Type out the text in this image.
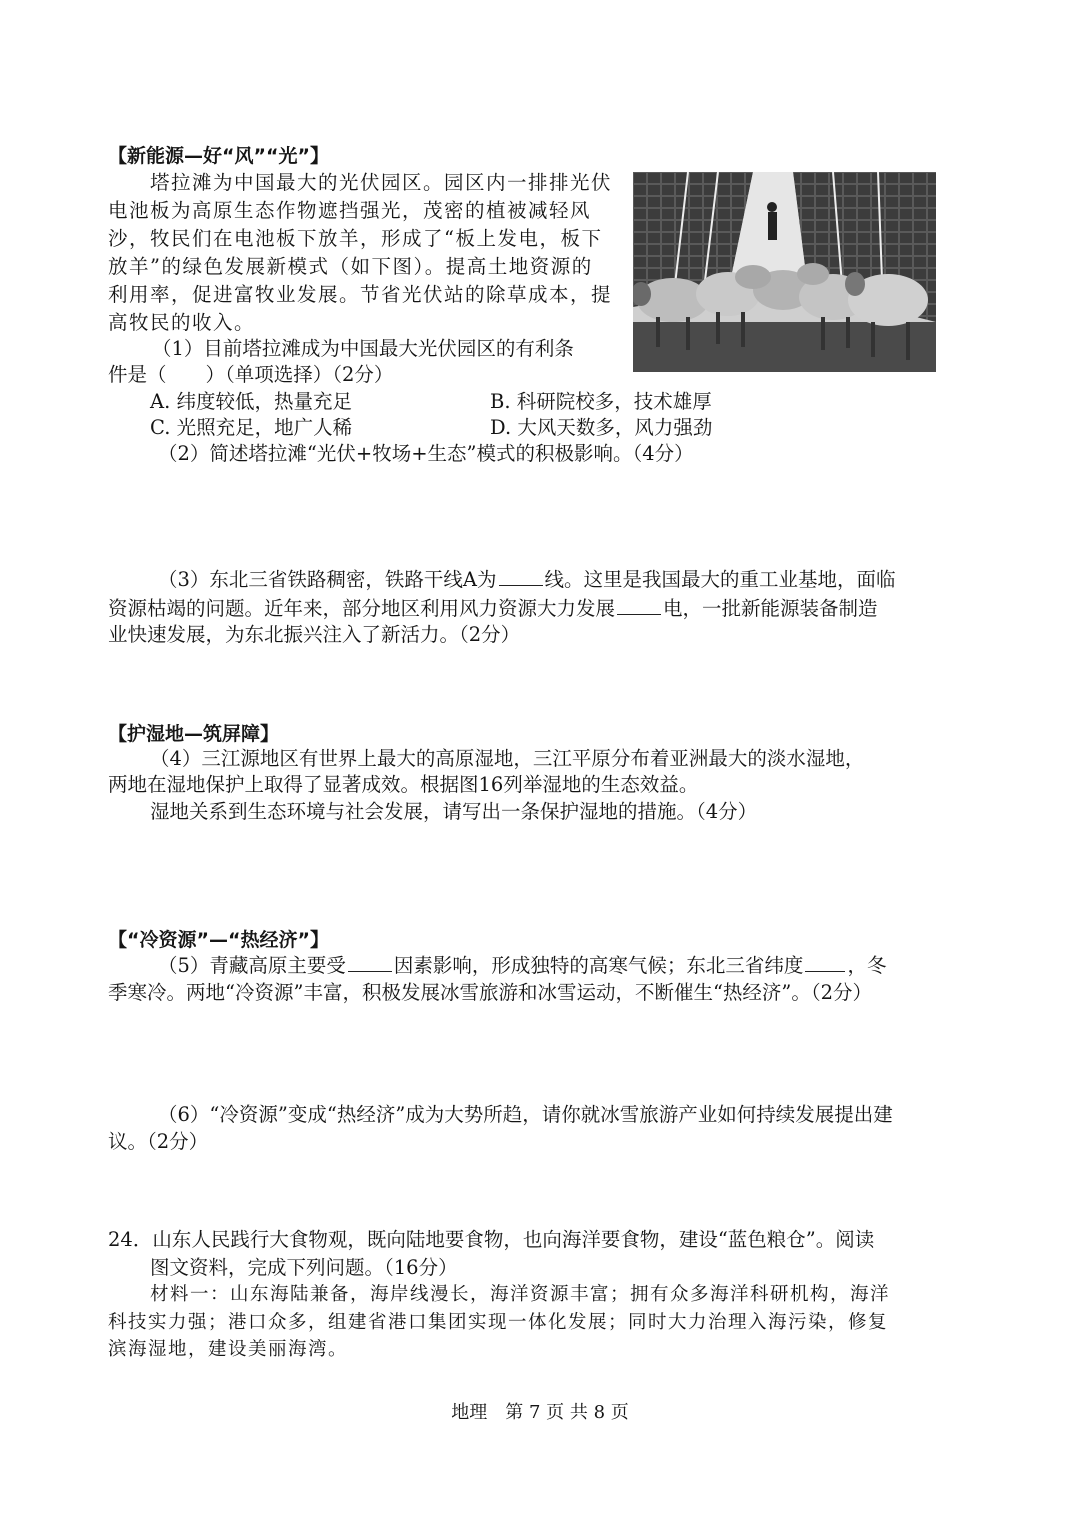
【新能源—好“风”“光”】
塔拉滩为中国最大的光伏园区。园区内一排排光伏
电池板为高原生态作物遮挡强光，茂密的植被减轻风
沙，牧民们在电池板下放羊，形成了“板上发电，板下
放羊”的绿色发展新模式（如下图）。提高土地资源的
利用率，促进富牧业发展。节省光伏站的除草成本，提
高牧民的收入。
（1）目前塔拉滩成为中国最大光伏园区的有利条
件是（　　）（单项选择）（2分）
A. 纬度较低，热量充足	B. 科研院校多，技术雄厚
C. 光照充足，地广人稀	D. 大风天数多，风力强劲
（2）简述塔拉滩“光伏+牧场+生态”模式的积极影响。（4分）
（3）东北三省铁路稠密，铁路干线A为 线。这里是我国最大的重工业基地，面临
资源枯竭的问题。近年来，部分地区利用风力资源大力发展 电，一批新能源装备制造
业快速发展，为东北振兴注入了新活力。（2分）
【护湿地—筑屏障】
（4）三江源地区有世界上最大的高原湿地，三江平原分布着亚洲最大的淡水湿地，
两地在湿地保护上取得了显著成效。根据图16列举湿地的生态效益。
湿地关系到生态环境与社会发展，请写出一条保护湿地的措施。（4分）
【“冷资源”—“热经济”】
（5）青藏高原主要受 因素影响，形成独特的高寒气候；东北三省纬度 ，冬
季寒冷。两地“冷资源”丰富，积极发展冰雪旅游和冰雪运动，不断催生“热经济”。（2分）
（6）“冷资源”变成“热经济”成为大势所趋，请你就冰雪旅游产业如何持续发展提出建
议。（2分）
24．山东人民践行大食物观，既向陆地要食物，也向海洋要食物，建设“蓝色粮仓”。阅读
图文资料，完成下列问题。（16分）
材料一：山东海陆兼备，海岸线漫长，海洋资源丰富；拥有众多海洋科研机构，海洋
科技实力强；港口众多，组建省港口集团实现一体化发展；同时大力治理入海污染，修复
滨海湿地，建设美丽海湾。
地理　第 7 页 共 8 页
